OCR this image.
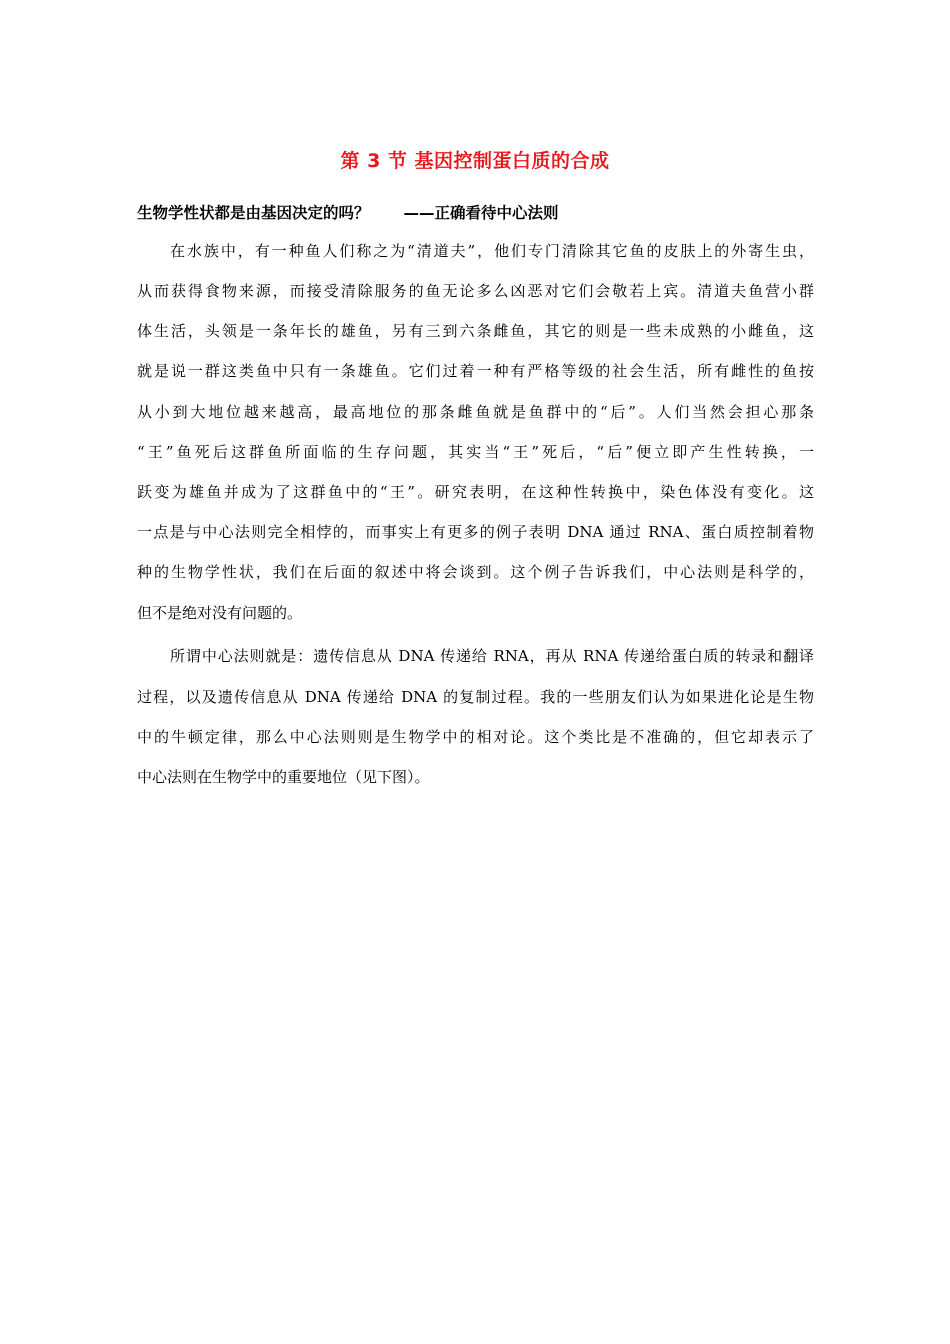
第 3 节 基因控制蛋白质的合成
生物学性状都是由基因决定的吗？ ——正确看待中心法则
在水族中，有一种鱼人们称之为“清道夫”，他们专门清除其它鱼的皮肤上的外寄生虫，
从而获得食物来源，而接受清除服务的鱼无论多么凶恶对它们会敬若上宾。清道夫鱼营小群
体生活，头领是一条年长的雄鱼，另有三到六条雌鱼，其它的则是一些未成熟的小雌鱼，这
就是说一群这类鱼中只有一条雄鱼。它们过着一种有严格等级的社会生活，所有雌性的鱼按
从小到大地位越来越高，最高地位的那条雌鱼就是鱼群中的“后”。人们当然会担心那条
“王”鱼死后这群鱼所面临的生存问题，其实当“王”死后，“后”便立即产生性转换，一
跃变为雄鱼并成为了这群鱼中的“王”。研究表明，在这种性转换中，染色体没有变化。这
一点是与中心法则完全相悖的，而事实上有更多的例子表明 DNA 通过 RNA、蛋白质控制着物
种的生物学性状，我们在后面的叙述中将会谈到。这个例子告诉我们，中心法则是科学的，
但不是绝对没有问题的。
所谓中心法则就是：遗传信息从 DNA 传递给 RNA，再从 RNA 传递给蛋白质的转录和翻译
过程，以及遗传信息从 DNA 传递给 DNA 的复制过程。我的一些朋友们认为如果进化论是生物
中的牛顿定律，那么中心法则则是生物学中的相对论。这个类比是不准确的，但它却表示了
中心法则在生物学中的重要地位（见下图）。
